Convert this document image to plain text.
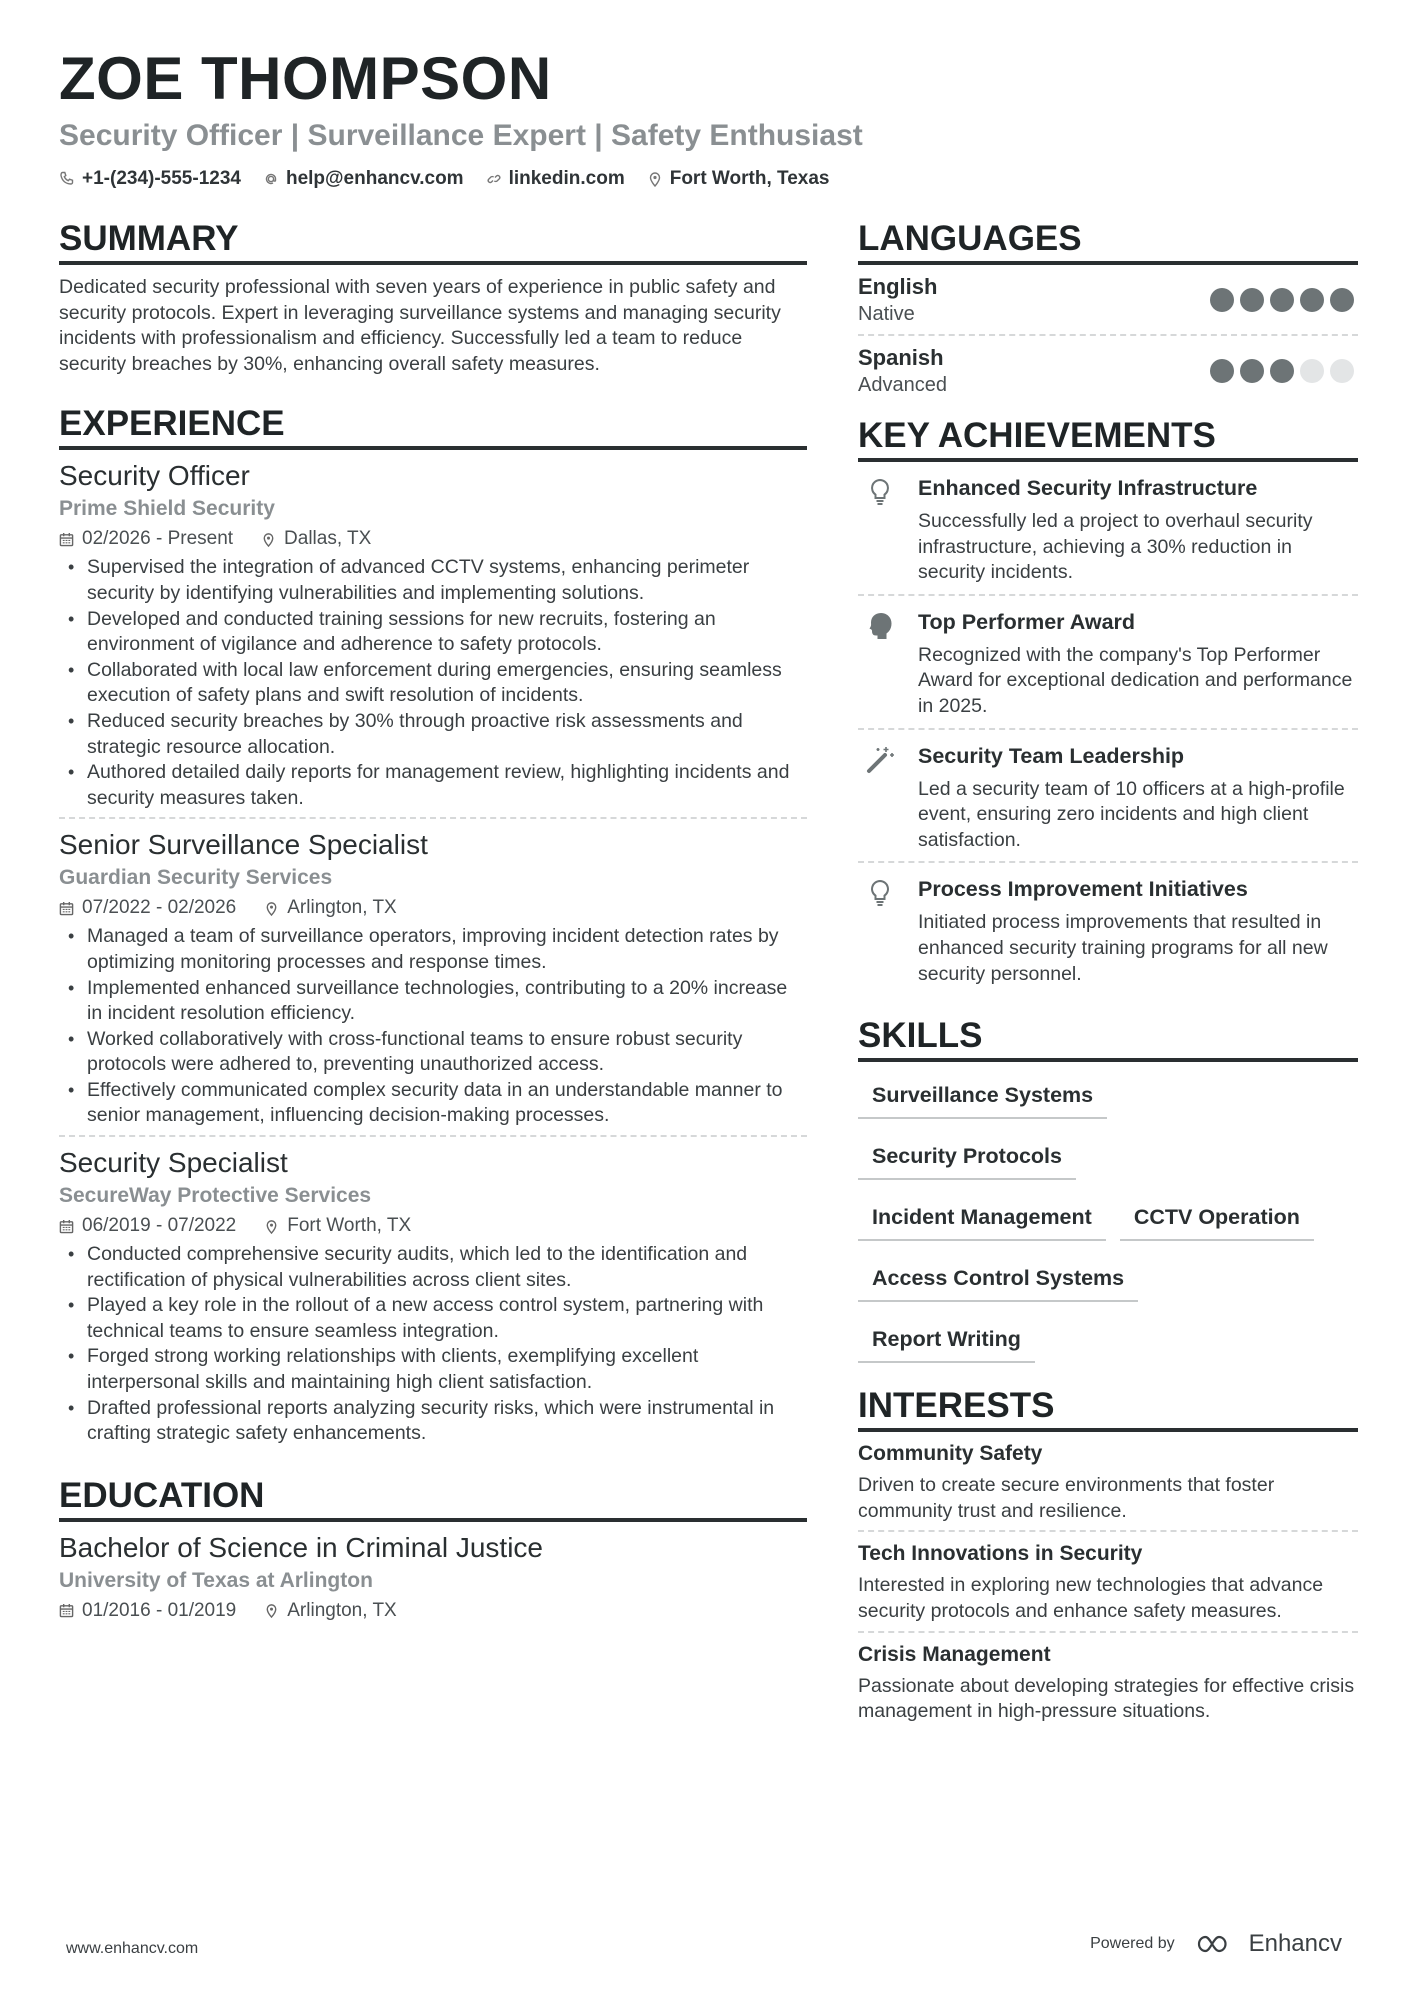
ZOE THOMPSON
Security Officer | Surveillance Expert | Safety Enthusiast
+1-(234)-555-1234 help@enhancv.com linkedin.com Fort Worth, Texas
SUMMARY

Dedicated security professional with seven years of experience in public safety and security protocols. Expert in leveraging surveillance systems and managing security incidents with professionalism and efficiency. Successfully led a team to reduce security breaches by 30%, enhancing overall safety measures.

EXPERIENCE
Security Officer
Prime Shield Security
02/2026 - Present	Dallas, TX
• Supervised the integration of advanced CCTV systems, enhancing perimeter security by identifying vulnerabilities and implementing solutions.
• Developed and conducted training sessions for new recruits, fostering an environment of vigilance and adherence to safety protocols.
• Collaborated with local law enforcement during emergencies, ensuring seamless execution of safety plans and swift resolution of incidents.
• Reduced security breaches by 30% through proactive risk assessments and strategic resource allocation.
• Authored detailed daily reports for management review, highlighting incidents and security measures taken.
Senior Surveillance Specialist
Guardian Security Services
07/2022 - 02/2026	Arlington, TX
• Managed a team of surveillance operators, improving incident detection rates by optimizing monitoring processes and response times.
• Implemented enhanced surveillance technologies, contributing to a 20% increase in incident resolution efficiency.
• Worked collaboratively with cross-functional teams to ensure robust security protocols were adhered to, preventing unauthorized access.
• Effectively communicated complex security data in an understandable manner to senior management, influencing decision-making processes.
Security Specialist
SecureWay Protective Services
06/2019 - 07/2022	Fort Worth, TX
• Conducted comprehensive security audits, which led to the identification and rectification of physical vulnerabilities across client sites.
• Played a key role in the rollout of a new access control system, partnering with technical teams to ensure seamless integration.
• Forged strong working relationships with clients, exemplifying excellent interpersonal skills and maintaining high client satisfaction.
• Drafted professional reports analyzing security risks, which were instrumental in crafting strategic safety enhancements.
EDUCATION
Bachelor of Science in Criminal Justice
University of Texas at Arlington
01/2016 - 01/2019	Arlington, TX
LANGUAGES
English
Native
Spanish
Advanced
KEY ACHIEVEMENTS
Enhanced Security Infrastructure
Successfully led a project to overhaul security infrastructure, achieving a 30% reduction in security incidents.
Top Performer Award
Recognized with the company's Top Performer Award for exceptional dedication and performance in 2025.
Security Team Leadership
Led a security team of 10 officers at a high-profile event, ensuring zero incidents and high client satisfaction.
Process Improvement Initiatives
Initiated process improvements that resulted in enhanced security training programs for all new security personnel.
SKILLS
Surveillance Systems
Security Protocols
Incident Management	CCTV Operation
Access Control Systems
Report Writing
INTERESTS
Community Safety
Driven to create secure environments that foster community trust and resilience.
Tech Innovations in Security
Interested in exploring new technologies that advance security protocols and enhance safety measures.
Crisis Management
Passionate about developing strategies for effective crisis management in high-pressure situations.
www.enhancv.com	Powered by	Enhancv
